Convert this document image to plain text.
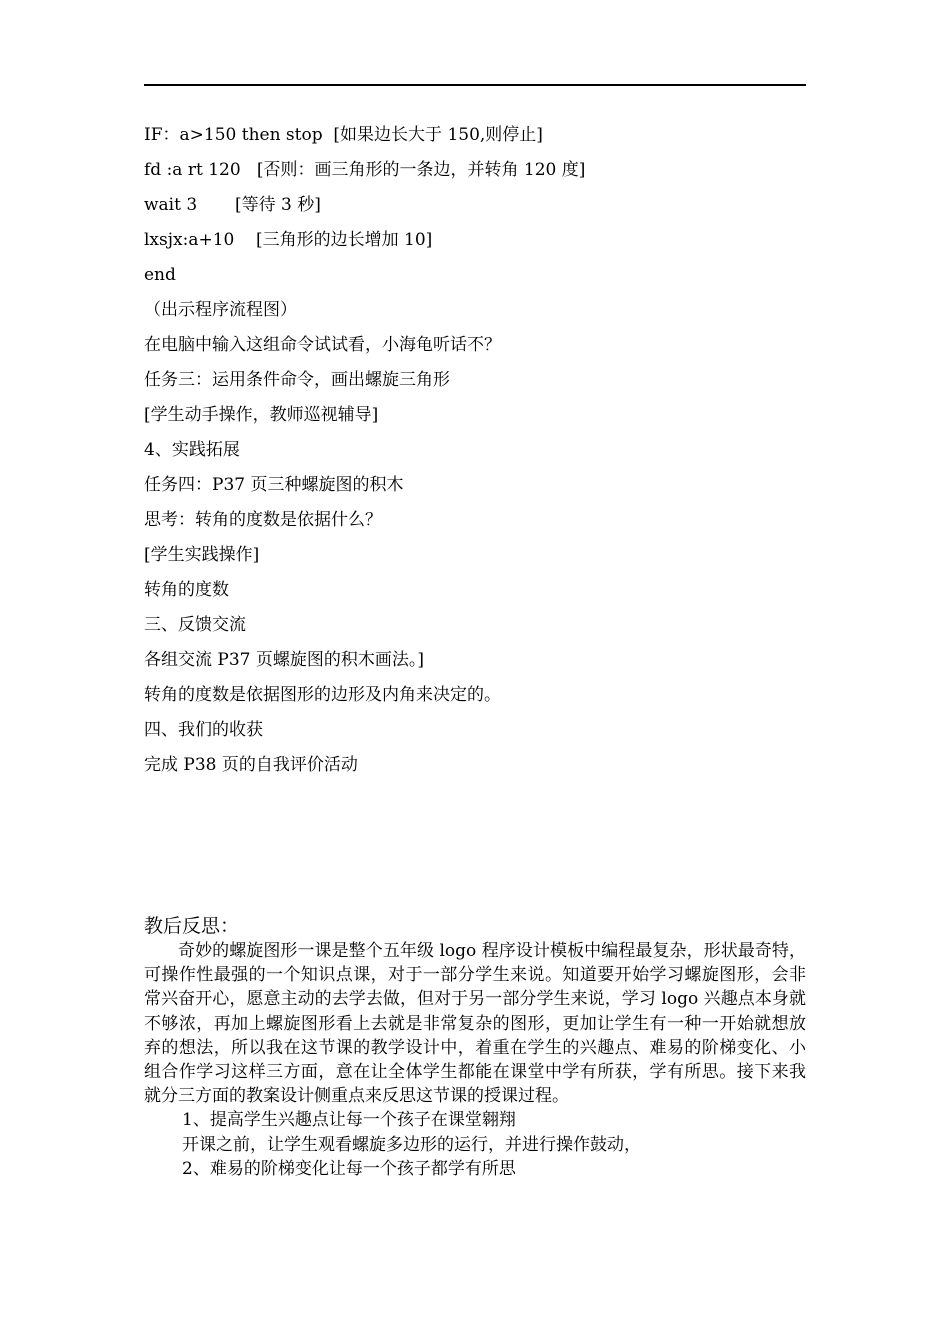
IF：a>150 then stop  [如果边长大于 150,则停止]

fd :a rt 120   [否则：画三角形的一条边，并转角 120 度]

wait 3       [等待 3 秒]

lxsjx:a+10    [三角形的边长增加 10]

end

（出示程序流程图）

在电脑中输入这组命令试试看，小海龟听话不？

任务三：运用条件命令，画出螺旋三角形

[学生动手操作，教师巡视辅导]

4、实践拓展

任务四：P37 页三种螺旋图的积木

思考：转角的度数是依据什么？

[学生实践操作]

转角的度数

三、反馈交流

各组交流 P37 页螺旋图的积木画法。]

转角的度数是依据图形的边形及内角来决定的。

四、我们的收获

完成 P38 页的自我评价活动

教后反思：

奇妙的螺旋图形一课是整个五年级 logo 程序设计模板中编程最复杂，形状最奇特，可操作性最强的一个知识点课，对于一部分学生来说。知道要开始学习螺旋图形，会非常兴奋开心，愿意主动的去学去做，但对于另一部分学生来说，学习 logo 兴趣点本身就不够浓，再加上螺旋图形看上去就是非常复杂的图形，更加让学生有一种一开始就想放弃的想法，所以我在这节课的教学设计中，着重在学生的兴趣点、难易的阶梯变化、小组合作学习这样三方面，意在让全体学生都能在课堂中学有所获，学有所思。接下来我就分三方面的教案设计侧重点来反思这节课的授课过程。

1、提高学生兴趣点让每一个孩子在课堂翱翔

开课之前，让学生观看螺旋多边形的运行，并进行操作鼓动，

2、难易的阶梯变化让每一个孩子都学有所思
